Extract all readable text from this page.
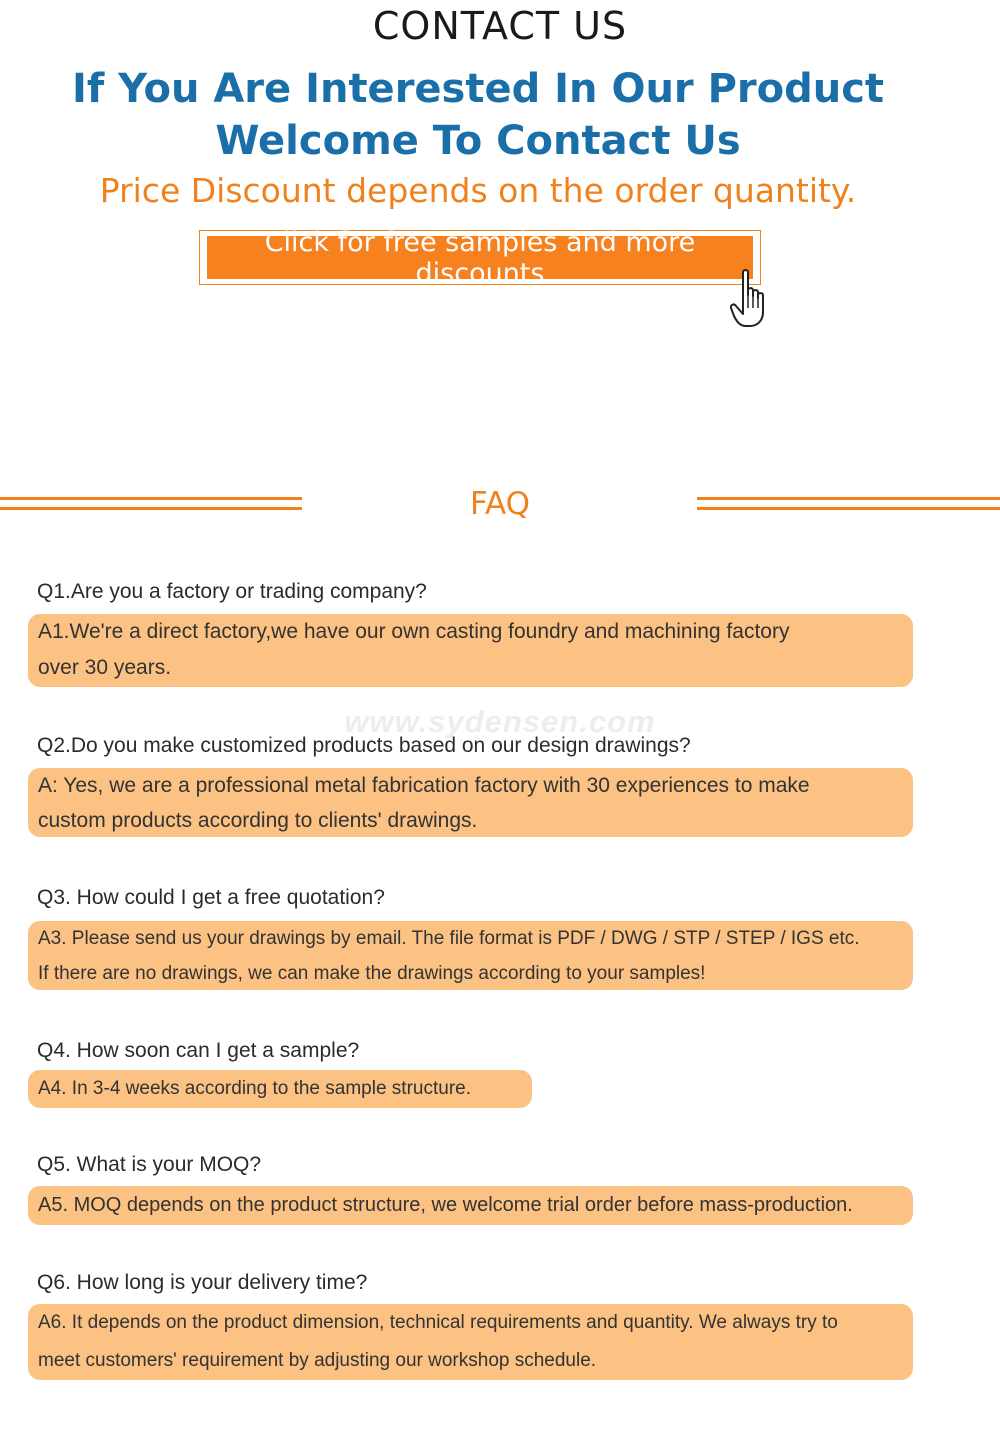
CONTACT US
If You Are Interested In Our Product
Welcome To Contact Us
Price Discount depends on the order quantity.
Click for free samples and more discounts
FAQ
www.sydensen.com
Q1.Are you a factory or trading company?
A1.We're a direct factory,we have our own casting foundry and machining factory
over 30 years.
Q2.Do you make customized products based on our design drawings?
A: Yes, we are a professional metal fabrication factory with 30 experiences to make
custom products according to clients' drawings.
Q3. How could I get a free quotation?
A3. Please send us your drawings by email. The file format is PDF / DWG / STP / STEP / IGS etc.
If there are no drawings, we can make the drawings according to your samples!
Q4. How soon can I get a sample?
A4. In 3-4 weeks according to the sample structure.
Q5. What is your MOQ?
A5. MOQ depends on the product structure, we welcome trial order before mass-production.
Q6. How long is your delivery time?
A6. It depends on the product dimension, technical requirements and quantity. We always try to
meet customers' requirement by adjusting our workshop schedule.
